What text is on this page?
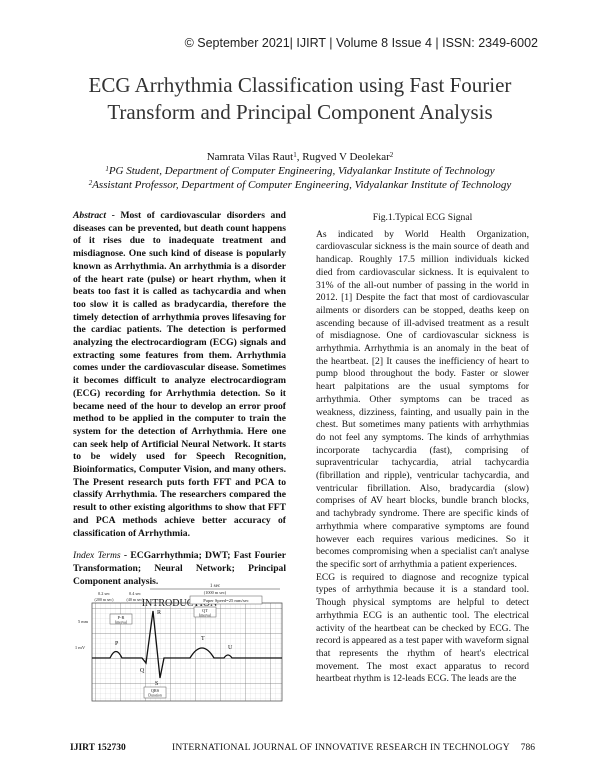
© September 2021| IJIRT | Volume 8 Issue 4 | ISSN: 2349-6002
ECG Arrhythmia Classification using Fast Fourier
Transform and Principal Component Analysis
Namrata Vilas Raut$^1$, Rugved V Deolekar$^2$
$^1$PG Student, Department of Computer Engineering, Vidyalankar Institute of Technology
$^2$Assistant Professor, Department of Computer Engineering, Vidyalankar Institute of Technology

Abstract - Most of cardiovascular disorders and diseases can be prevented, but death count happens of it rises due to inadequate treatment and misdiagnose. One such kind of disease is popularly known as Arrhythmia. An arrhythmia is a disorder of the heart rate (pulse) or heart rhythm, when it beats too fast it is called as tachycardia and when too slow it is called as bradycardia, therefore the timely detection of arrhythmia proves lifesaving for the cardiac patients. The detection is performed analyzing the electrocardiogram (ECG) signals and extracting some features from them. Arrhythmia comes under the cardiovascular disease. Sometimes it becomes difficult to analyze electrocardiogram (ECG) recording for Arrhythmia detection. So it became need of the hour to develop an error proof method to be applied in the computer to train the system for the detection of Arrhythmia. Here one can seek help of Artificial Neural Network. It starts to be widely used for Speech Recognition, Bioinformatics, Computer Vision, and many others. The Present research puts forth FFT and PCA to classify Arrhythmia. The researchers compared the result to other existing algorithms to show that FFT and PCA methods achieve better accuracy of classification of Arrhythmia.

Index Terms - ECGarrhythmia; DWT; Fast Fourier Transformation; Neural Network; Principal Component analysis.	1 sec
(1000 m sec)
Paper Speed=25 mm/sec
0.2 sec
(200 m sec)
0.4 sec
(40 m sec)
5 mm
1 mV
P-R
Interval
QT
Interval
P
R
Q
S
T
U
QRS
Duration
Fig.1.Typical ECG Signal

As indicated by World Health Organization, cardiovascular sickness is the main source of death and handicap. Roughly 17.5 million individuals kicked died from cardiovascular sickness. It is equivalent to 31% of the all-out number of passing in the world in 2012. [1] Despite the fact that most of cardiovascular ailments or disorders can be stopped, deaths keep on ascending because of ill-advised treatment as a result of misdiagnose. One of cardiovascular sickness is arrhythmia. Arrhythmia is an anomaly in the beat of the heartbeat. [2] It causes the inefficiency of heart to pump blood throughout the body. Faster or slower heart palpitations are the usual symptoms for arrhythmia. Other symptoms can be traced as weakness, dizziness, fainting, and usually pain in the chest. But sometimes many patients with arrhythmias do not feel any symptoms. The kinds of arrhythmias incorporate tachycardia (fast), comprising of supraventricular tachycardia, atrial tachycardia (fibrillation and ripple), ventricular tachycardia, and ventricular fibrillation. Also, bradycardia (slow) comprises of AV heart blocks, bundle branch blocks, and tachybrady syndrome. There are specific kinds of arrhythmia where comparative symptoms are found however each requires various medicines. So it becomes compromising when a specialist can't analyse the specific sort of arrhythmia a patient experiences.

ECG is required to diagnose and recognize typical types of arrhythmia because it is a standard tool. Though physical symptoms are helpful to detect arrhythmia ECG is an authentic tool. The electrical activity of the heartbeat can be checked by ECG. The record is appeared as a test paper with waveform signal that represents the rhythm of heart's electrical movement. The most exact apparatus to record heartbeat rhythm is 12-leads ECG. The leads are the

IJIRT 152730	INTERNATIONAL JOURNAL OF INNOVATIVE RESEARCH IN TECHNOLOGY 786
